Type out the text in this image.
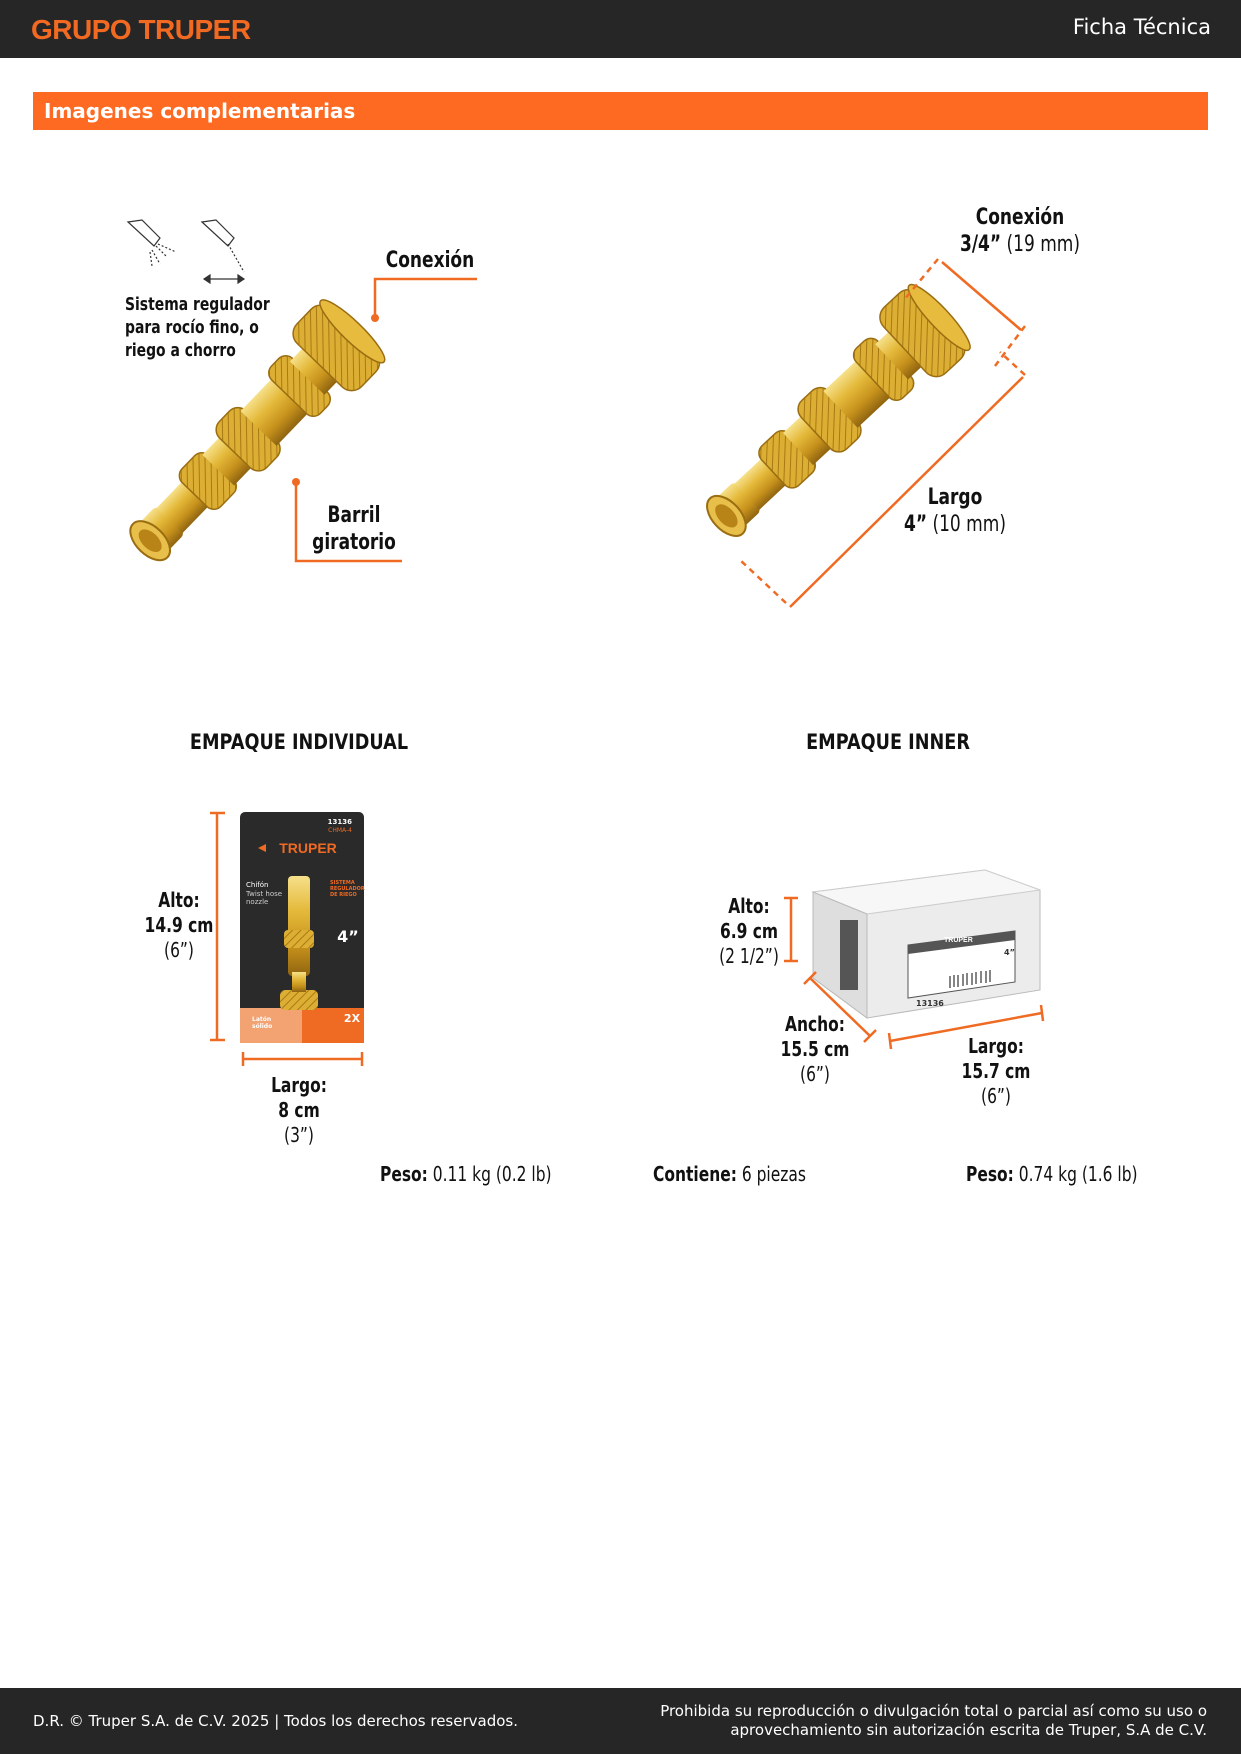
GRUPO TRUPER	Ficha Técnica
Imagenes complementarias
13136
CHMA-4
TRUPER
Chifón
Twist hose
nozzle
SISTEMA
REGULADOR
DE RIEGO
4”
Latón
sólido
2X
TRUPER
13136
4”
Sistema regulador
para rocío fino, o
riego a chorro
Conexión
Barril
giratorio
Conexión
3/4” (19 mm)
Largo
4” (10 mm)
EMPAQUE INDIVIDUAL	EMPAQUE INNER
Alto:
14.9 cm
(6”)
Largo:
8 cm
(3”)
Peso: 0.11 kg (0.2 lb)
Alto:
6.9 cm
(2 1/2”)
Ancho:
15.5 cm
(6”)
Largo:
15.7 cm
(6”)
Contiene: 6 piezas	Peso: 0.74 kg (1.6 lb)
D.R. © Truper S.A. de C.V. 2025 | Todos los derechos reservados.
Prohibida su reproducción o divulgación total o parcial así como su uso o
aprovechamiento sin autorización escrita de Truper, S.A de C.V.
